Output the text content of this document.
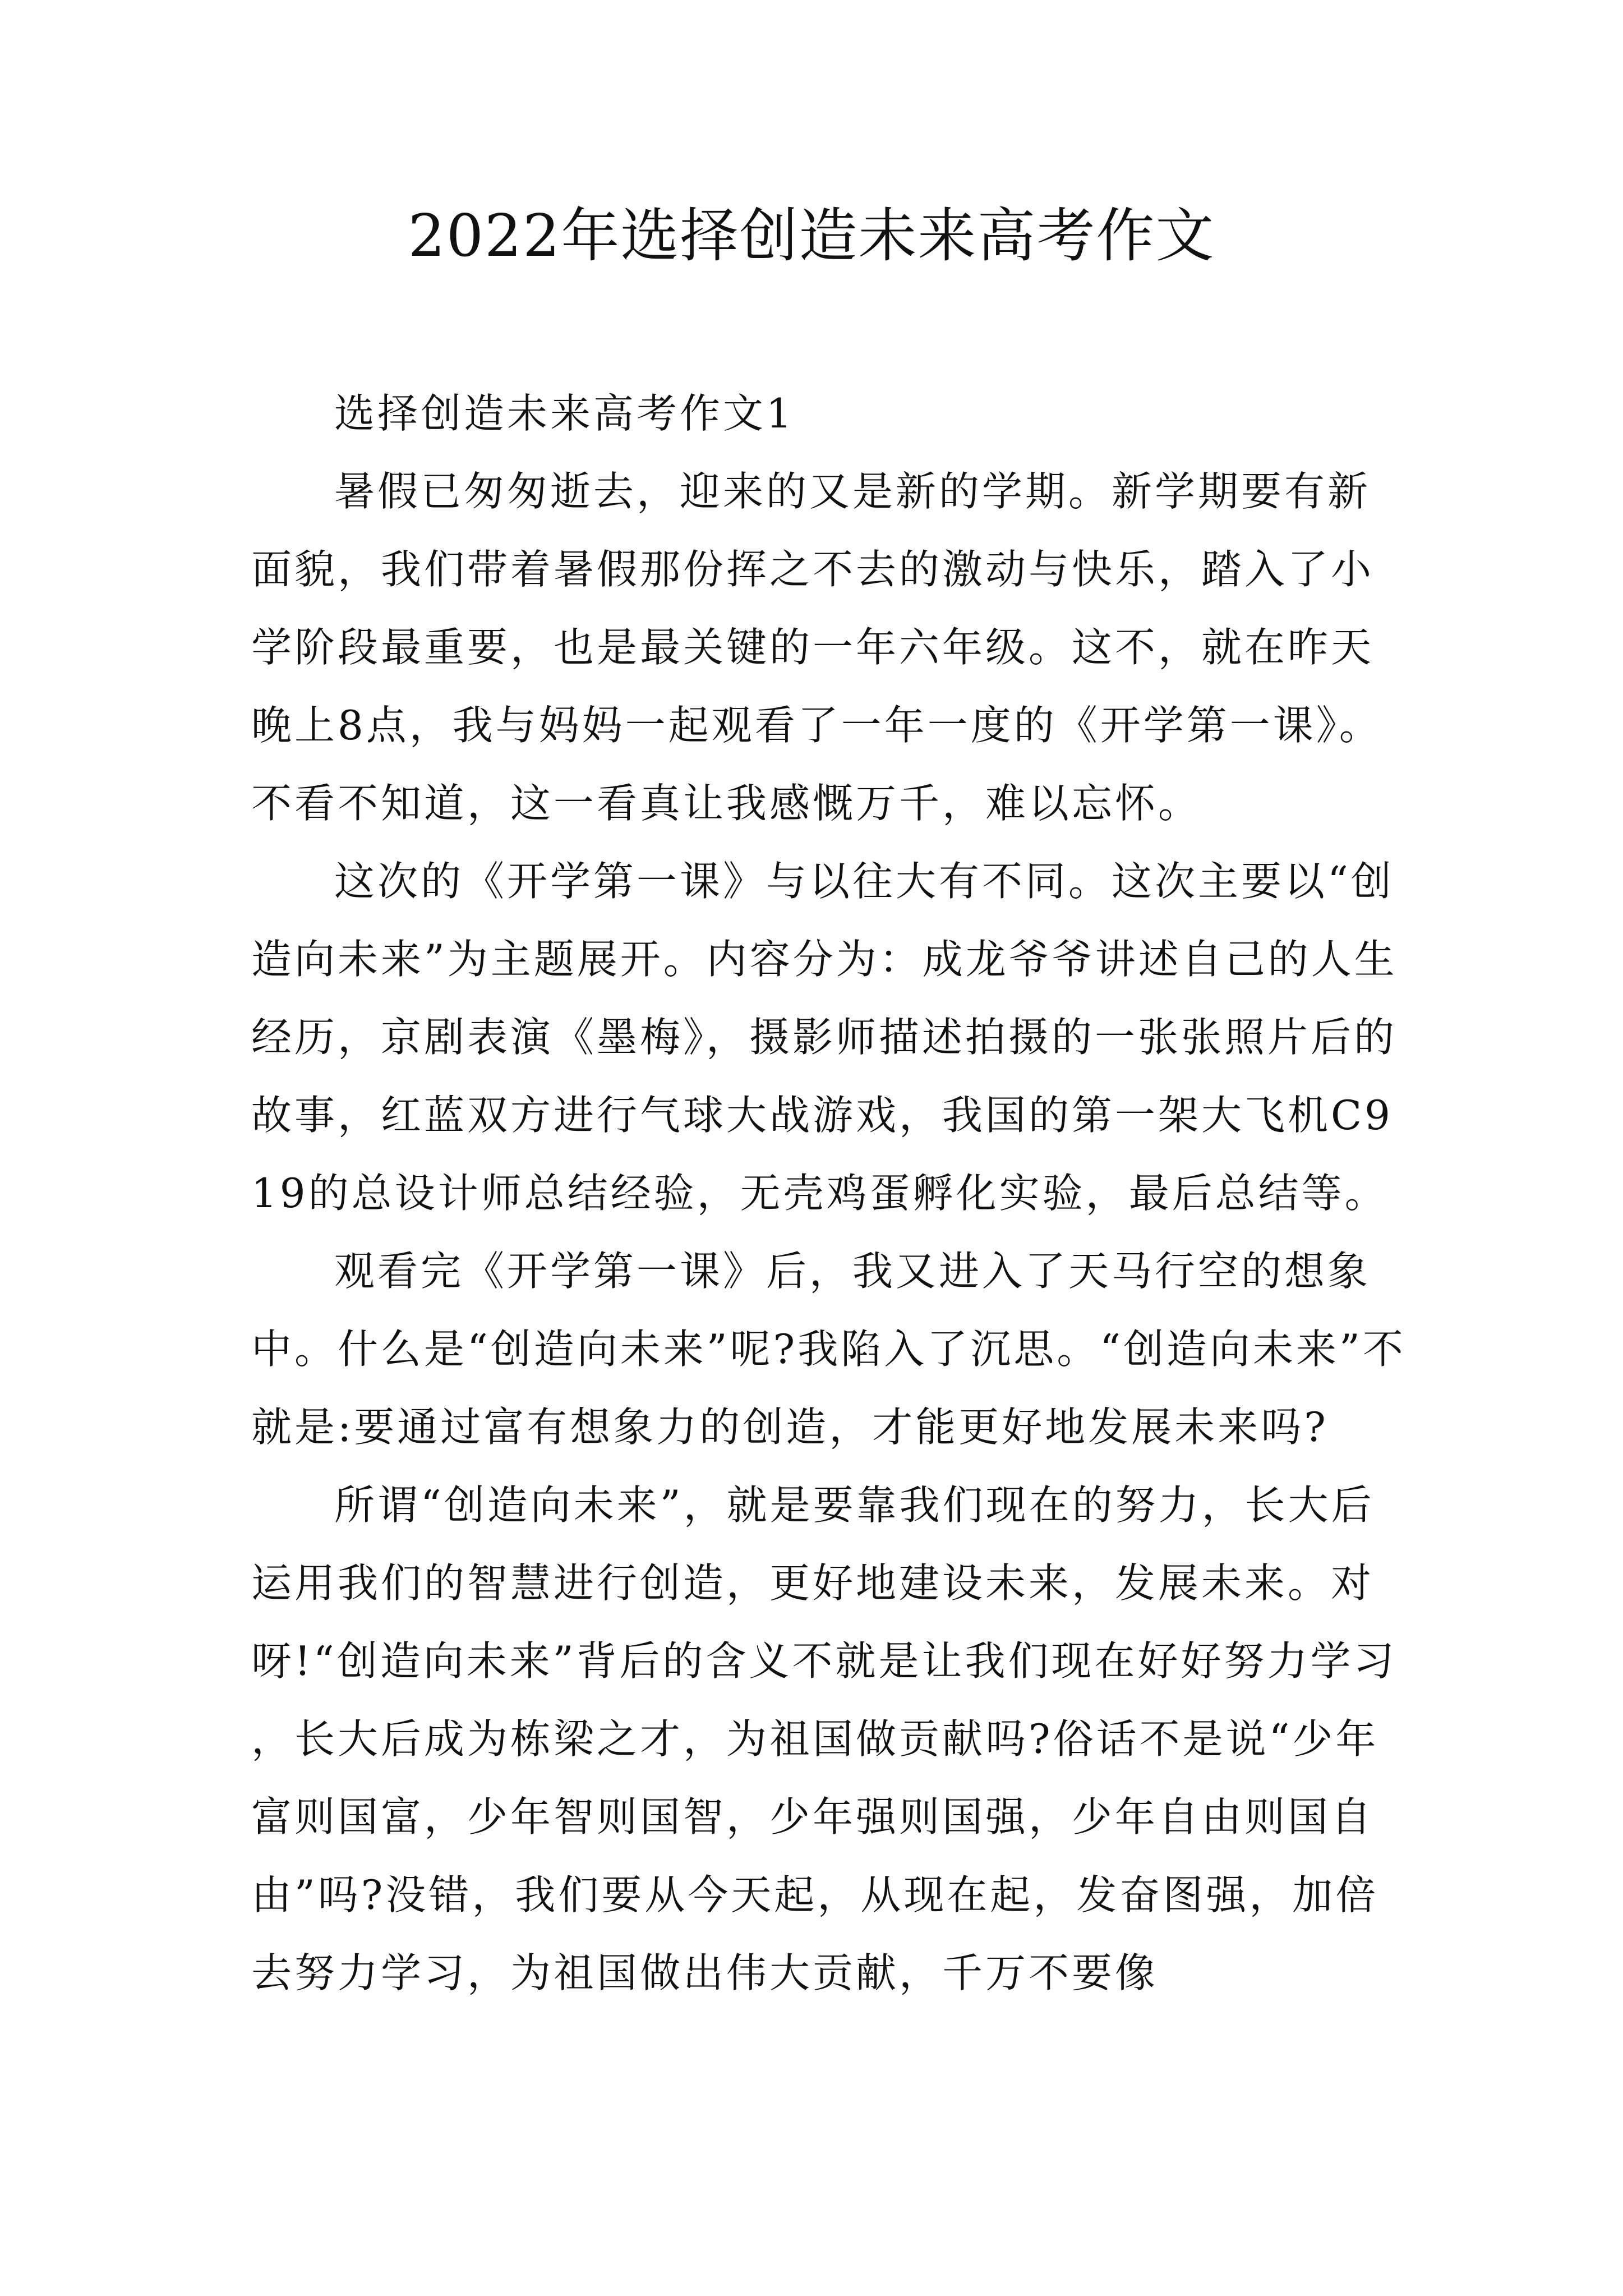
2022年选择创造未来高考作文

选择创造未来高考作文1

暑假已匆匆逝去，迎来的又是新的学期。新学期要有新面貌，我们带着暑假那份挥之不去的激动与快乐，踏入了小学阶段最重要，也是最关键的一年六年级。这不，就在昨天晚上8点，我与妈妈一起观看了一年一度的《开学第一课》。不看不知道，这一看真让我感慨万千，难以忘怀。

这次的《开学第一课》与以往大有不同。这次主要以“创造向未来”为主题展开。内容分为：成龙爷爷讲述自己的人生经历，京剧表演《墨梅》，摄影师描述拍摄的一张张照片后的故事，红蓝双方进行气球大战游戏，我国的第一架大飞机C919的总设计师总结经验，无壳鸡蛋孵化实验，最后总结等。

观看完《开学第一课》后，我又进入了天马行空的想象中。什么是“创造向未来”呢?我陷入了沉思。“创造向未来”不就是:要通过富有想象力的创造，才能更好地发展未来吗?

所谓“创造向未来”，就是要靠我们现在的努力，长大后运用我们的智慧进行创造，更好地建设未来，发展未来。对呀!“创造向未来”背后的含义不就是让我们现在好好努力学习，长大后成为栋梁之才，为祖国做贡献吗?俗话不是说“少年富则国富，少年智则国智，少年强则国强，少年自由则国自由”吗?没错，我们要从今天起，从现在起，发奋图强，加倍去努力学习，为祖国做出伟大贡献，千万不要像
